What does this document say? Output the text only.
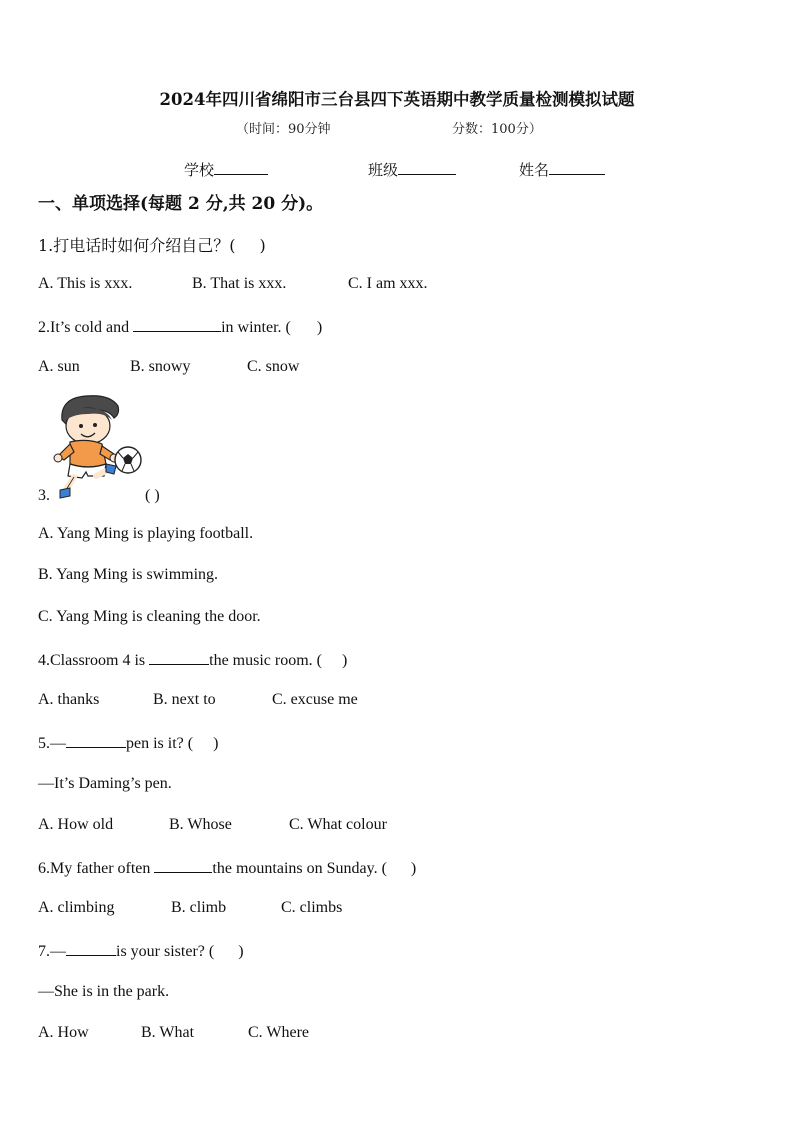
2024年四川省绵阳市三台县四下英语期中教学质量检测模拟试题
（时间：90分钟	分数：100分）
学校	班级	姓名
一、单项选择(每题 2 分,共 20 分)。
1.打电话时如何介绍自己？( )
A. This is xxx.	B. That is xxx.	C. I am xxx.
2.It’s cold and	in winter. ( )
A. sun	B. snowy	C. snow
3.	( )
A. Yang Ming is playing football.
B. Yang Ming is swimming.
C. Yang Ming is cleaning the door.
4.Classroom 4 is	the music room. ( )
A. thanks	B. next to	C. excuse me
5.—	pen is it? ( )
—It’s Daming’s pen.
A. How old	B. Whose	C. What colour
6.My father often	the mountains on Sunday. ( )
A. climbing	B. climb	C. climbs
7.—	is your sister? ( )
—She is in the park.
A. How	B. What	C. Where
